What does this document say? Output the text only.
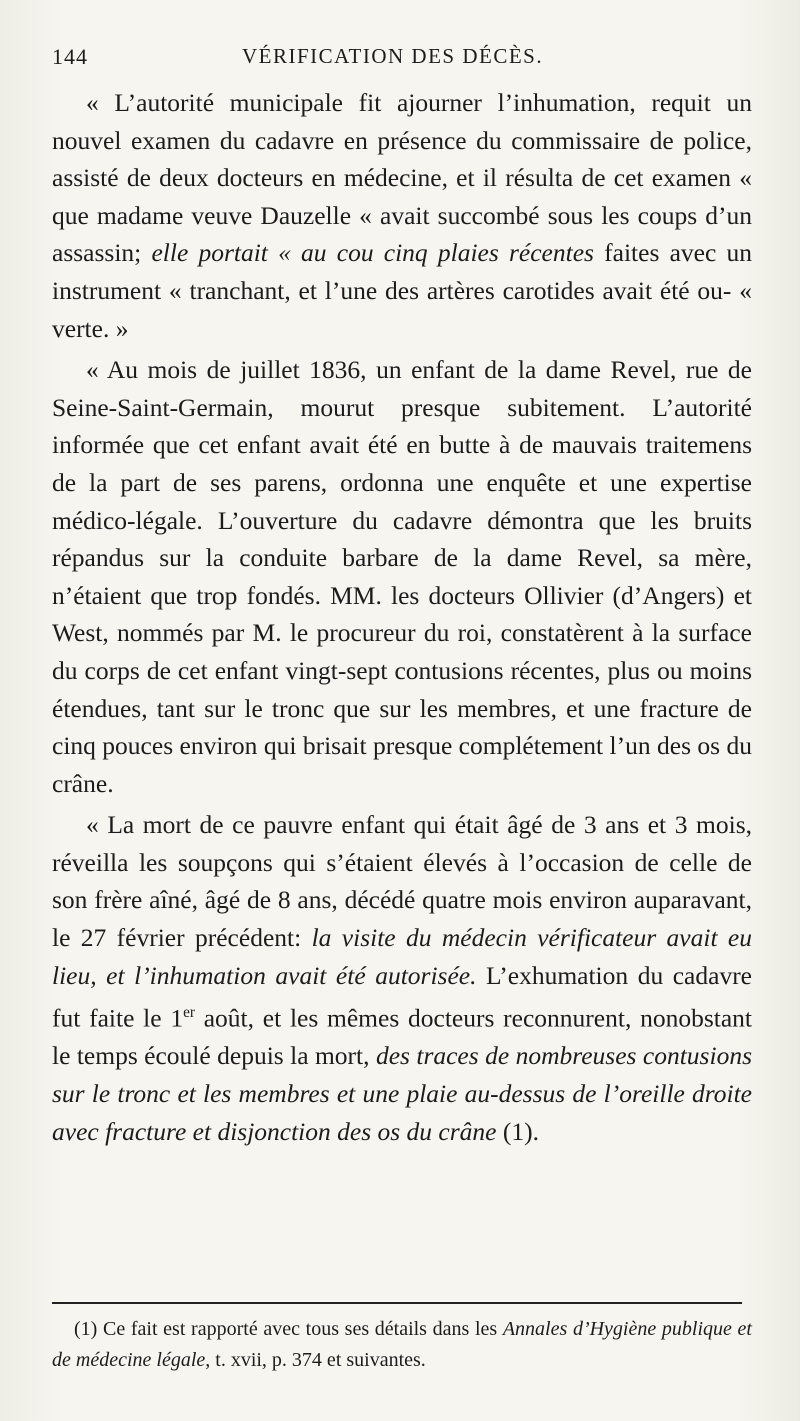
144	VÉRIFICATION DES DÉCÈS.

« L’autorité municipale fit ajourner l’inhumation, requit un nouvel examen du cadavre en présence du commissaire de police, assisté de deux docteurs en médecine, et il résulta de cet examen « que madame veuve Dauzelle « avait succombé sous les coups d’un assassin; elle portait « au cou cinq plaies récentes faites avec un instrument « tranchant, et l’une des artères carotides avait été ou- « verte. »

« Au mois de juillet 1836, un enfant de la dame Revel, rue de Seine-Saint-Germain, mourut presque subitement. L’autorité informée que cet enfant avait été en butte à de mauvais traitemens de la part de ses parens, ordonna une enquête et une expertise médico-légale. L’ouverture du cadavre démontra que les bruits répandus sur la conduite barbare de la dame Revel, sa mère, n’étaient que trop fondés. MM. les docteurs Ollivier (d’Angers) et West, nommés par M. le procureur du roi, constatèrent à la surface du corps de cet enfant vingt-sept contusions récentes, plus ou moins étendues, tant sur le tronc que sur les membres, et une fracture de cinq pouces environ qui brisait presque complétement l’un des os du crâne.

« La mort de ce pauvre enfant qui était âgé de 3 ans et 3 mois, réveilla les soupçons qui s’étaient élevés à l’occasion de celle de son frère aîné, âgé de 8 ans, décédé quatre mois environ auparavant, le 27 février précédent: la visite du médecin vérificateur avait eu lieu, et l’inhumation avait été autorisée. L’exhumation du cadavre fut faite le 1er août, et les mêmes docteurs reconnurent, nonobstant le temps écoulé depuis la mort, des traces de nombreuses contusions sur le tronc et les membres et une plaie au-dessus de l’oreille droite avec fracture et disjonction des os du crâne (1).

(1) Ce fait est rapporté avec tous ses détails dans les Annales d’Hygiène publique et de médecine légale, t. xvii, p. 374 et suivantes.
